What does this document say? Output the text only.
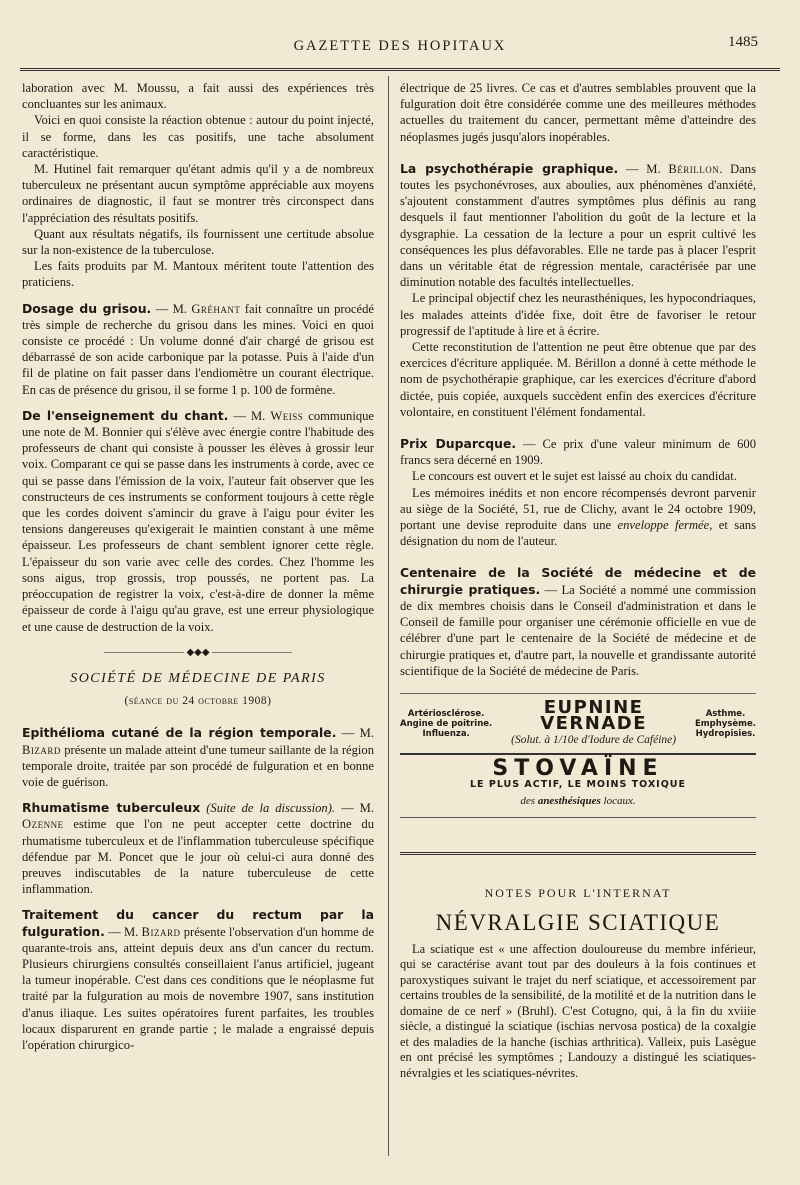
GAZETTE DES HOPITAUX	1485

laboration avec M. Moussu, a fait aussi des expériences très concluantes sur les animaux.

Voici en quoi consiste la réaction obtenue : autour du point injecté, il se forme, dans les cas positifs, une tache absolument caractéristique.

M. Hutinel fait remarquer qu'étant admis qu'il y a de nombreux tuberculeux ne présentant aucun symptôme appréciable aux moyens ordinaires de diagnostic, il faut se montrer très circonspect dans l'appréciation des résultats positifs.

Quant aux résultats négatifs, ils fournissent une certitude absolue sur la non-existence de la tuberculose.

Les faits produits par M. Mantoux méritent toute l'attention des praticiens.

Dosage du grisou. — M. Gréhant fait connaître un procédé très simple de recherche du grisou dans les mines. Voici en quoi consiste ce procédé : Un volume donné d'air chargé de grisou est débarrassé de son acide carbonique par la potasse. Puis à l'aide d'un fil de platine on fait passer dans l'endiomètre un courant électrique. En cas de présence du grisou, il se forme 1 p. 100 de formène.

De l'enseignement du chant. — M. Weiss communique une note de M. Bonnier qui s'élève avec énergie contre l'habitude des professeurs de chant qui consiste à pousser les élèves à grossir leur voix. Comparant ce qui se passe dans les instruments à corde, avec ce qui se passe dans l'émission de la voix, l'auteur fait observer que les constructeurs de ces instruments se conforment toujours à cette règle que les cordes doivent s'amincir du grave à l'aigu pour éviter les tensions dangereuses qu'exigerait le maintien constant à une même épaisseur. Les professeurs de chant semblent ignorer cette règle. L'épaisseur du son varie avec celle des cordes. Chez l'homme les sons aigus, trop grossis, trop poussés, ne portent pas. La préoccupation de registrer la voix, c'est-à-dire de donner la même épaisseur de corde à l'aigu qu'au grave, est une erreur physiologique et une cause de destruction de la voix.

———————— ◆◆◆ ————————
SOCIÉTÉ DE MÉDECINE DE PARIS
(séance du 24 octobre 1908)

Epithélioma cutané de la région temporale. — M. Bizard présente un malade atteint d'une tumeur saillante de la région temporale droite, traitée par son procédé de fulguration et en bonne voie de guérison.

Rhumatisme tuberculeux (Suite de la discussion). — M. Ozenne estime que l'on ne peut accepter cette doctrine du rhumatisme tuberculeux et de l'inflammation tuberculeuse spécifique défendue par M. Poncet que le jour où celui-ci aura donné des preuves indiscutables de la nature tuberculeuse de cette inflammation.

Traitement du cancer du rectum par la fulguration. — M. Bizard présente l'observation d'un homme de quarante-trois ans, atteint depuis deux ans d'un cancer du rectum. Plusieurs chirurgiens consultés conseillaient l'anus artificiel, jugeant la tumeur inopérable. C'est dans ces conditions que le néoplasme fut traité par la fulguration au mois de novembre 1907, sans institution d'anus iliaque. Les suites opératoires furent parfaites, les troubles locaux disparurent en grande partie ; le malade a engraissé depuis l'opération chirurgico-

électrique de 25 livres. Ce cas et d'autres semblables prouvent que la fulguration doit être considérée comme une des meilleures méthodes actuelles du traitement du cancer, permettant même d'atteindre des néoplasmes jugés jusqu'alors inopérables.

La psychothérapie graphique. — M. Bérillon. Dans toutes les psychonévroses, aux aboulies, aux phénomènes d'anxiété, s'ajoutent constamment d'autres symptômes plus définis au rang desquels il faut mentionner l'abolition du goût de la lecture et la dysgraphie. La cessation de la lecture a pour un esprit cultivé les conséquences les plus défavorables. Elle ne tarde pas à placer l'esprit dans un véritable état de régression mentale, caractérisée par une diminution notable des facultés intellectuelles.

Le principal objectif chez les neurasthéniques, les hypocondriaques, les malades atteints d'idée fixe, doit être de favoriser le retour progressif de l'aptitude à lire et à écrire.

Cette reconstitution de l'attention ne peut être obtenue que par des exercices d'écriture appliquée. M. Bérillon a donné à cette méthode le nom de psychothérapie graphique, car les exercices d'écriture d'abord dictée, puis copiée, auxquels succèdent enfin des exercices d'écriture volontaire, en constituent l'élément fondamental.

Prix Duparcque. — Ce prix d'une valeur minimum de 600 francs sera décerné en 1909.

Le concours est ouvert et le sujet est laissé au choix du candidat.

Les mémoires inédits et non encore récompensés devront parvenir au siège de la Société, 51, rue de Clichy, avant le 24 octobre 1909, portant une devise reproduite dans une enveloppe fermée, et sans désignation du nom de l'auteur.

Centenaire de la Société de médecine et de chirurgie pratiques. — La Société a nommé une commission de dix membres choisis dans le Conseil d'administration et dans le Conseil de famille pour organiser une cérémonie officielle en vue de célébrer d'une part le centenaire de la Société de médecine et de chirurgie pratiques et, d'autre part, la nouvelle et grandissante autorité scientifique de la Société de médecine de Paris.

Artériosclérose.
Angine de poitrine.
Influenza.
EUPNINE VERNADE
(Solut. à 1/10e d'Iodure de Caféine)
Asthme.
Emphysème.
Hydropisies.
STOVAÏNE
LE PLUS ACTIF, LE MOINS TOXIQUE
des anesthésiques locaux.
NOTES POUR L'INTERNAT
NÉVRALGIE SCIATIQUE

La sciatique est « une affection douloureuse du membre inférieur, qui se caractérise avant tout par des douleurs à la fois continues et paroxystiques suivant le trajet du nerf sciatique, et accessoirement par certains troubles de la sensibilité, de la motilité et de la nutrition dans le domaine de ce nerf » (Bruhl). C'est Cotugno, qui, à la fin du xviiie siècle, a distingué la sciatique (ischias nervosa postica) de la coxalgie et des maladies de la hanche (ischias arthritica). Valleix, puis Lasègue en ont précisé les symptômes ; Landouzy a distingué les sciatiques-névralgies et les sciatiques-névrites.
